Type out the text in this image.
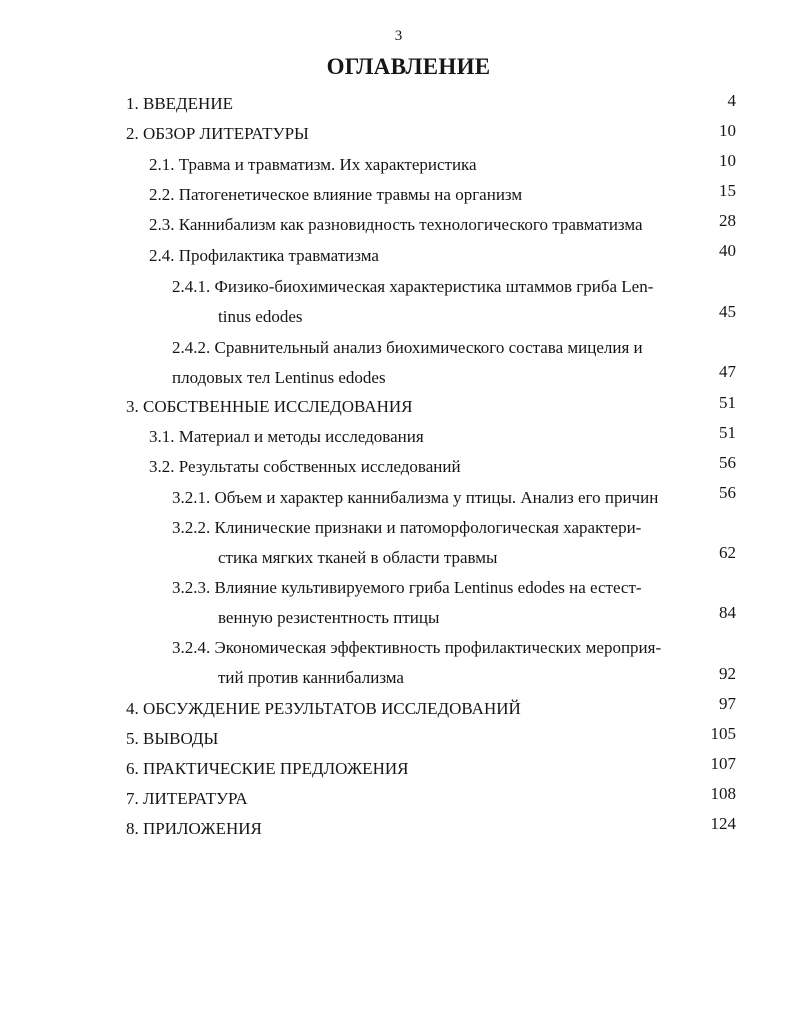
3
ОГЛАВЛЕНИЕ
1. ВВЕДЕНИЕ	4
2. ОБЗОР ЛИТЕРАТУРЫ	10
2.1. Травма и травматизм. Их характеристика	10
2.2. Патогенетическое влияние травмы на организм	15
2.3. Каннибализм как разновидность технологического травматизма	28
2.4. Профилактика травматизма	40
2.4.1. Физико-биохимическая характеристика штаммов гриба Len-
tinus edodes	45
2.4.2. Сравнительный анализ биохимического состава мицелия и
плодовых тел Lentinus edodes	47
3. СОБСТВЕННЫЕ ИССЛЕДОВАНИЯ	51
3.1. Материал и методы исследования	51
3.2. Результаты собственных исследований	56
3.2.1. Объем и характер каннибализма у птицы. Анализ его причин	56
3.2.2. Клинические признаки и патоморфологическая характери-
стика мягких тканей в области травмы	62
3.2.3. Влияние культивируемого гриба Lentinus edodes на естест-
венную резистентность птицы	84
3.2.4. Экономическая эффективность профилактических мероприя-
тий против каннибализма	92
4. ОБСУЖДЕНИЕ РЕЗУЛЬТАТОВ ИССЛЕДОВАНИЙ	97
5. ВЫВОДЫ	105
6. ПРАКТИЧЕСКИЕ ПРЕДЛОЖЕНИЯ	107
7. ЛИТЕРАТУРА	108
8. ПРИЛОЖЕНИЯ	124
